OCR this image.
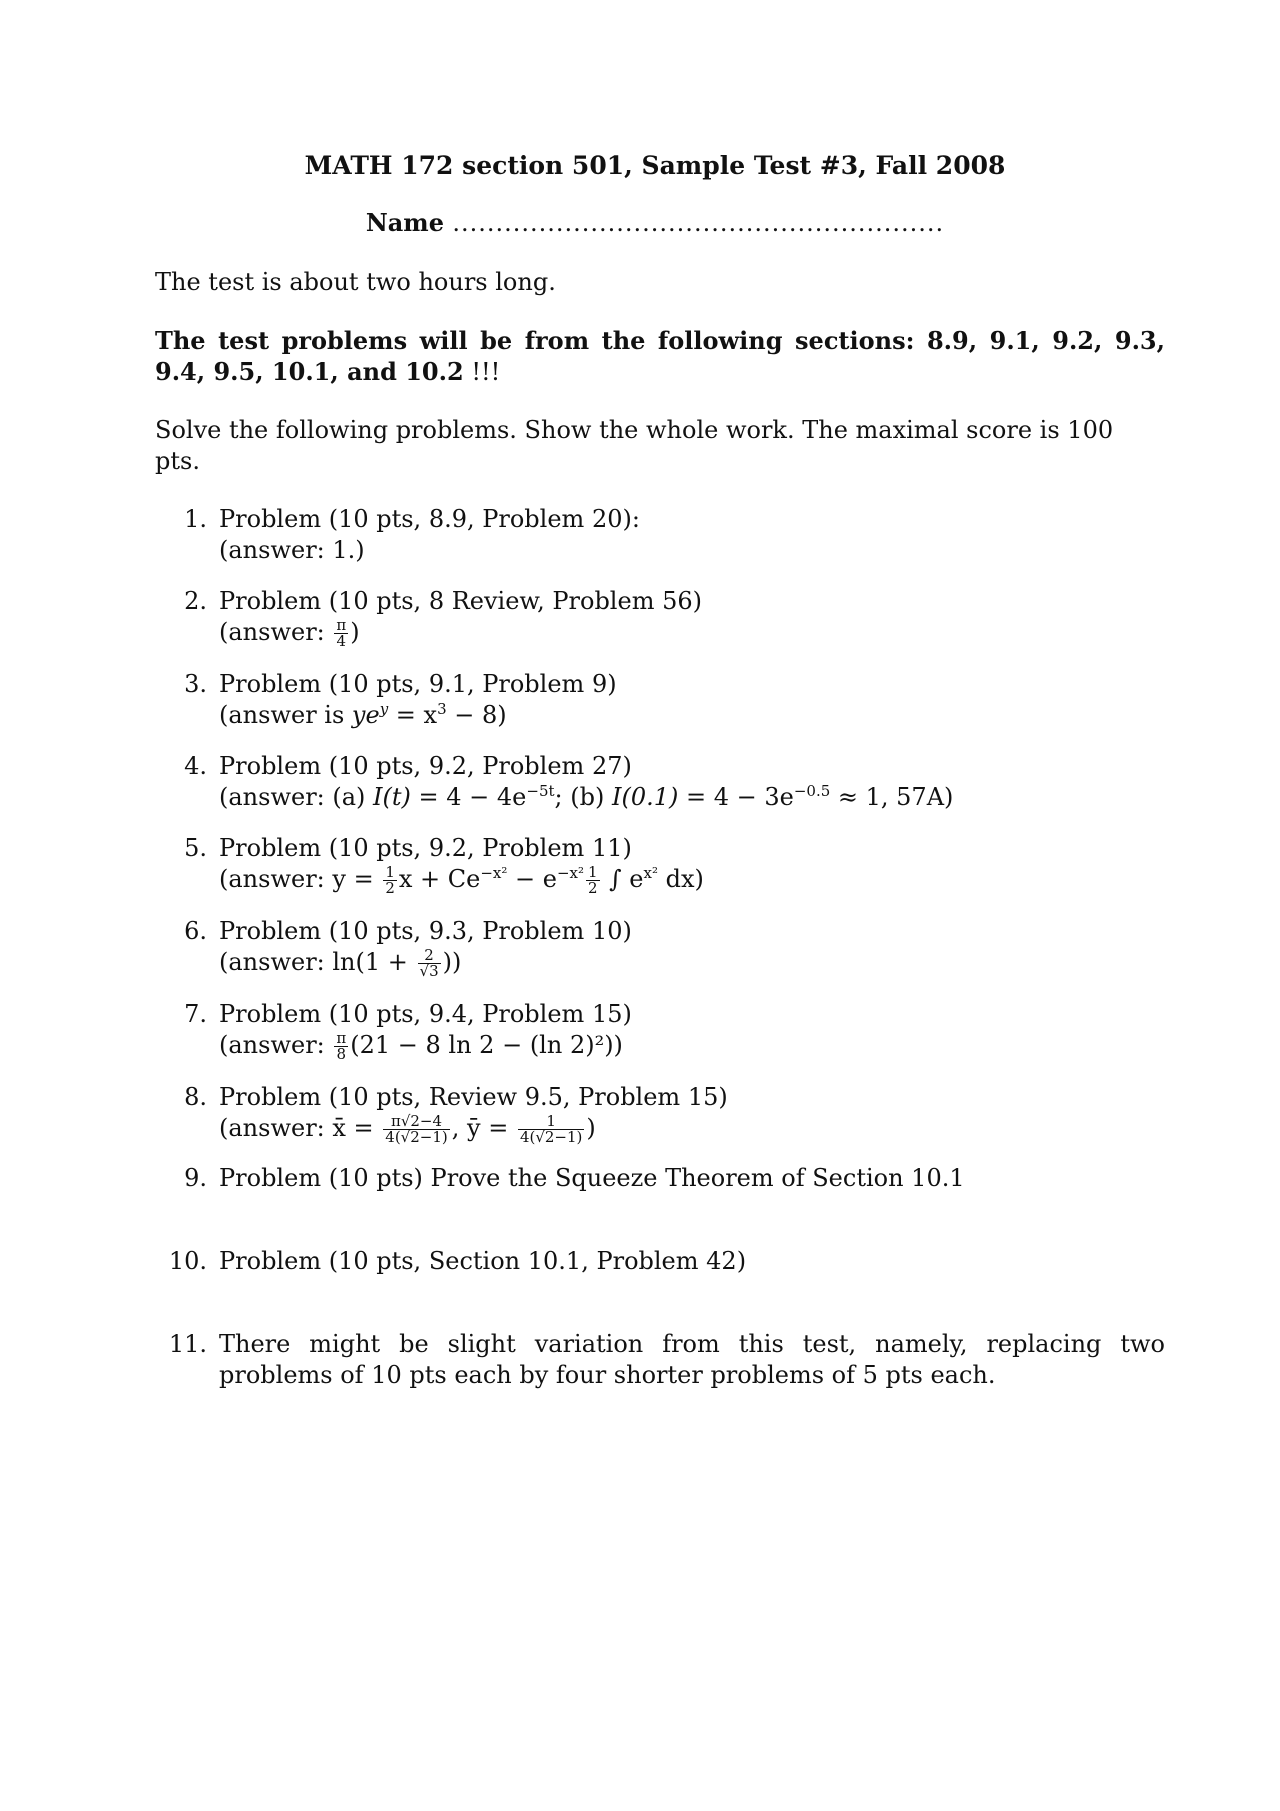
MATH 172 section 501, Sample Test #3, Fall 2008
Name .........................................................

The test is about two hours long.

The test problems will be from the following sections: 8.9, 9.1, 9.2, 9.3, 9.4, 9.5, 10.1, and 10.2 !!!

Solve the following problems. Show the whole work. The maximal score is 100 pts.

1. Problem (10 pts, 8.9, Problem 20):
(answer: 1.)
2. Problem (10 pts, 8 Review, Problem 56)
(answer: $\frac{\pi}{4}$ )
3. Problem (10 pts, 9.1, Problem 9)
(answer is $ye^y = x^3 - 8$)
4. Problem (10 pts, 9.2, Problem 27)
(answer: (a) $I(t) = 4 - 4e^{-5t}$; (b) $I(0.1) = 4 - 3e^{-0.5} \approx 1$, 57A)
5. Problem (10 pts, 9.2, Problem 11)
(answer: $y = \frac{1}{2}$ $x + Ce^{-x^2} - e^{-x^2} \frac{1}{2}$ ∫ $e^{x^2}$ dx)
6. Problem (10 pts, 9.3, Problem 10)
(answer: $\ln(1 + \frac{2}{√3}$ ))
7. Problem (10 pts, 9.4, Problem 15)
(answer: $\frac{\pi}{8} (21 - 8$ ln 2 − (ln 2)²))
8. Problem (10 pts, Review 9.5, Problem 15)
(answer: x̄ = $\frac{\pi√2-4}{4(√2-1)}$ , ȳ = $\frac{1}{4(√2-1)}$ )
9. Problem (10 pts) Prove the Squeeze Theorem of Section 10.1
10. Problem (10 pts, Section 10.1, Problem 42)
11. There might be slight variation from this test, namely, replacing two problems of 10 pts each by four shorter problems of 5 pts each.
